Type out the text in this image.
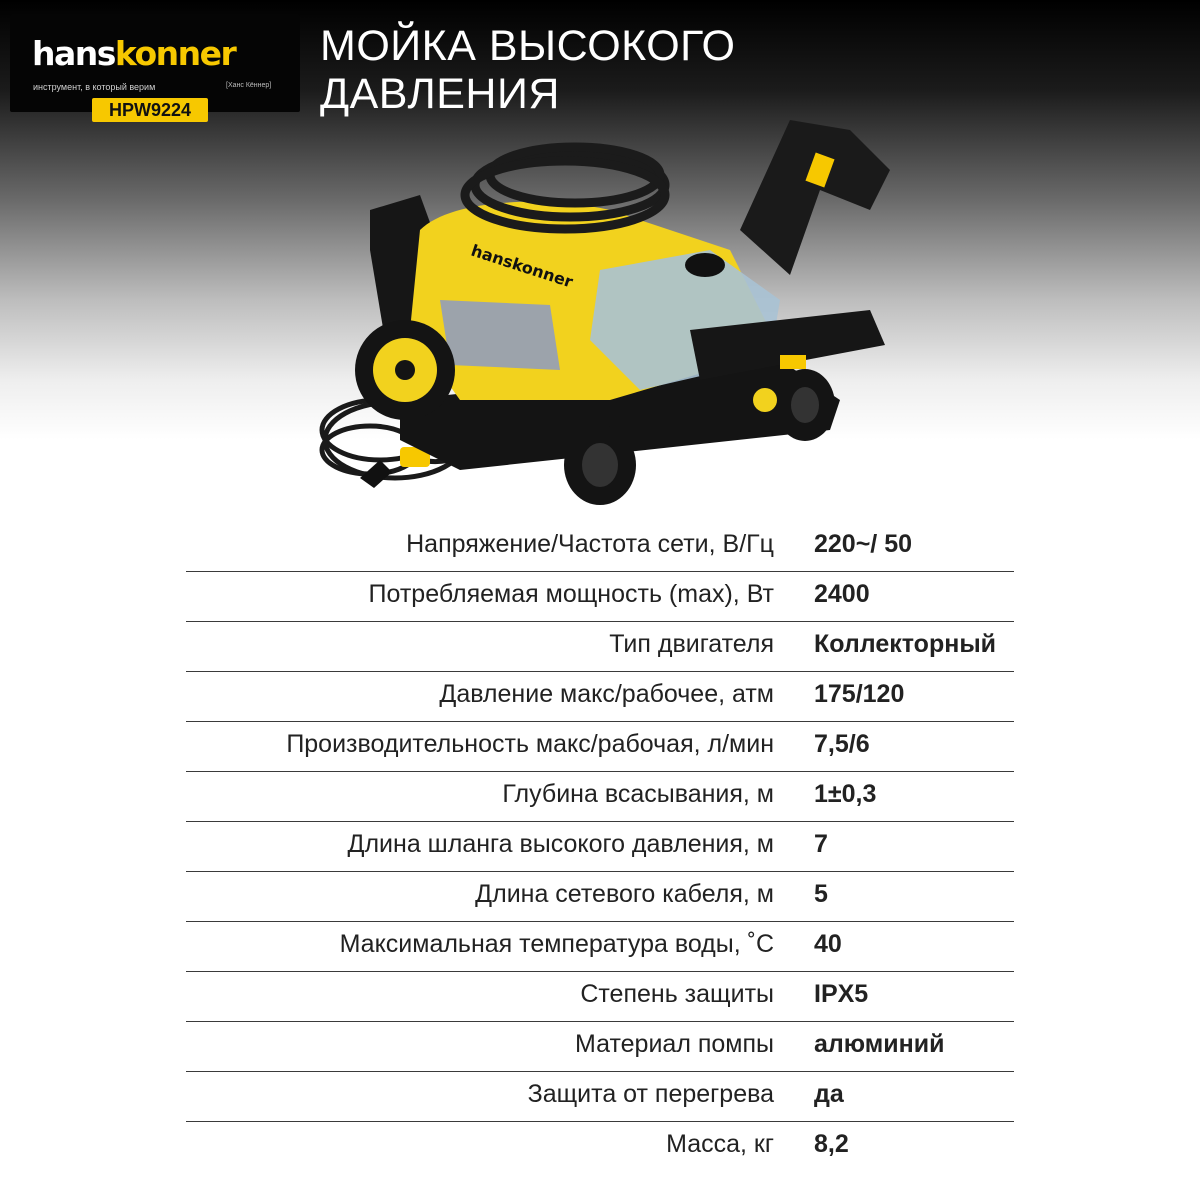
hanskonner
инструмент, в который верим	[Ханс Кённер]
HPW9224
МОЙКА ВЫСОКОГО
ДАВЛЕНИЯ
hanskonner
Напряжение/Частота сети, В/Гц 220~/ 50
Потребляемая мощность (max), Вт 2400
Тип двигателя Коллекторный
Давление макс/рабочее, атм 175/120
Производительность макс/рабочая, л/мин 7,5/6
Глубина всасывания, м 1±0,3
Длина шланга высокого давления, м 7
Длина сетевого кабеля, м 5
Максимальная температура воды, ˚С 40
Степень защиты IPX5
Материал помпы алюминий
Защита от перегрева да
Масса, кг 8,2
